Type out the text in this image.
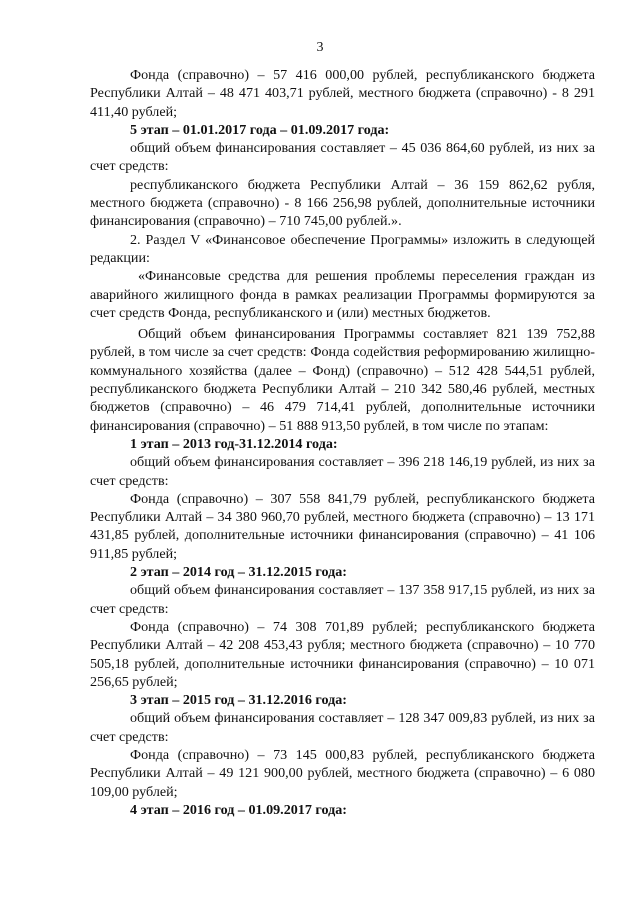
3

Фонда (справочно) – 57 416 000,00 рублей, республиканского бюджета Республики Алтай – 48 471 403,71 рублей, местного бюджета (справочно) - 8 291 411,40 рублей;

5 этап – 01.01.2017 года – 01.09.2017 года:

общий объем финансирования составляет – 45 036 864,60 рублей, из них за счет средств:

республиканского бюджета Республики Алтай – 36 159 862,62 рубля, местного бюджета (справочно) - 8 166 256,98 рублей, дополнительные источники финансирования (справочно) – 710 745,00 рублей.».

2. Раздел V «Финансовое обеспечение Программы» изложить в следующей редакции:

«Финансовые средства для решения проблемы переселения граждан из аварийного жилищного фонда в рамках реализации Программы формируются за счет средств Фонда, республиканского и (или) местных бюджетов.

Общий объем финансирования Программы составляет 821 139 752,88 рублей, в том числе за счет средств: Фонда содействия реформированию жилищно-коммунального хозяйства (далее – Фонд) (справочно) – 512 428 544,51 рублей, республиканского бюджета Республики Алтай – 210 342 580,46 рублей, местных бюджетов (справочно) – 46 479 714,41 рублей, дополнительные источники финансирования (справочно) – 51 888 913,50 рублей, в том числе по этапам:

1 этап – 2013 год-31.12.2014 года:

общий объем финансирования составляет – 396 218 146,19 рублей, из них за счет средств:

Фонда (справочно) – 307 558 841,79 рублей, республиканского бюджета Республики Алтай – 34 380 960,70 рублей, местного бюджета (справочно) – 13 171 431,85 рублей, дополнительные источники финансирования (справочно) – 41 106 911,85 рублей;

2 этап – 2014 год – 31.12.2015 года:

общий объем финансирования составляет – 137 358 917,15 рублей, из них за счет средств:

Фонда (справочно) – 74 308 701,89 рублей; республиканского бюджета Республики Алтай – 42 208 453,43 рубля; местного бюджета (справочно) – 10 770 505,18 рублей, дополнительные источники финансирования (справочно) – 10 071 256,65 рублей;

3 этап – 2015 год – 31.12.2016 года:

общий объем финансирования составляет – 128 347 009,83 рублей, из них за счет средств:

Фонда (справочно) – 73 145 000,83 рублей, республиканского бюджета Республики Алтай – 49 121 900,00 рублей, местного бюджета (справочно) – 6 080 109,00 рублей;

4 этап – 2016 год – 01.09.2017 года:
